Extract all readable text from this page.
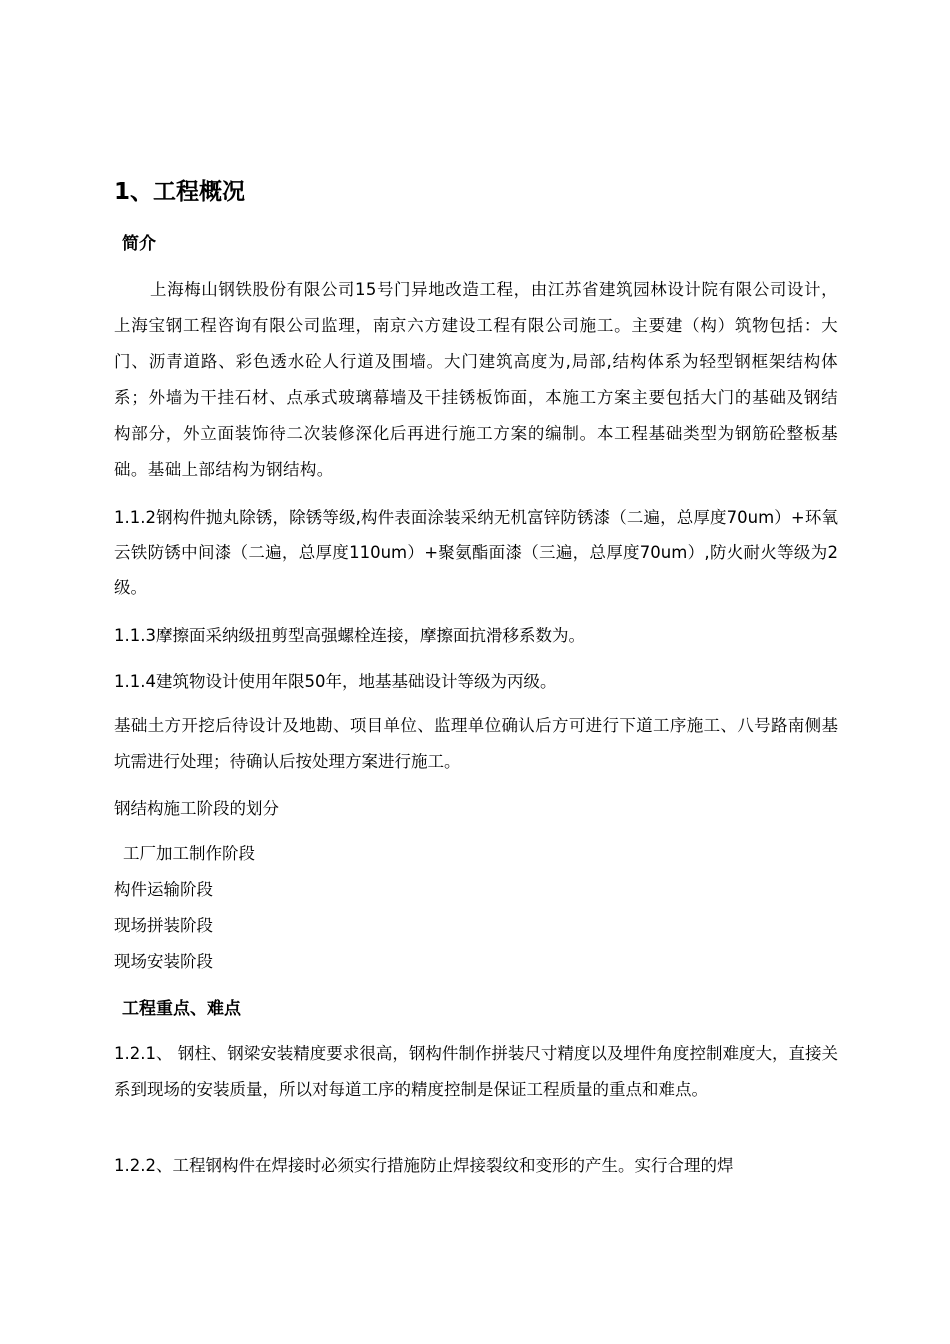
1、工程概况
简介
上海梅山钢铁股份有限公司15号门异地改造工程，由江苏省建筑园林设计院有限公司设计，上海宝钢工程咨询有限公司监理，南京六方建设工程有限公司施工。主要建（构）筑物包括：大门、沥青道路、彩色透水砼人行道及围墙。大门建筑高度为,局部,结构体系为轻型钢框架结构体系；外墙为干挂石材、点承式玻璃幕墙及干挂锈板饰面，本施工方案主要包括大门的基础及钢结构部分，外立面装饰待二次装修深化后再进行施工方案的编制。本工程基础类型为钢筋砼整板基础。基础上部结构为钢结构。
1.1.2钢构件抛丸除锈，除锈等级,构件表面涂装采纳无机富锌防锈漆（二遍，总厚度70um）+环氧云铁防锈中间漆（二遍，总厚度110um）+聚氨酯面漆（三遍，总厚度70um）,防火耐火等级为2级。
1.1.3摩擦面采纳级扭剪型高强螺栓连接，摩擦面抗滑移系数为。
1.1.4建筑物设计使用年限50年，地基基础设计等级为丙级。
基础土方开挖后待设计及地勘、项目单位、监理单位确认后方可进行下道工序施工、八号路南侧基坑需进行处理；待确认后按处理方案进行施工。
钢结构施工阶段的划分
工厂加工制作阶段
构件运输阶段
现场拼装阶段
现场安装阶段
工程重点、难点
1.2.1、 钢柱、钢梁安装精度要求很高，钢构件制作拼装尺寸精度以及埋件角度控制难度大，直接关系到现场的安装质量，所以对每道工序的精度控制是保证工程质量的重点和难点。
1.2.2、工程钢构件在焊接时必须实行措施防止焊接裂纹和变形的产生。实行合理的焊
